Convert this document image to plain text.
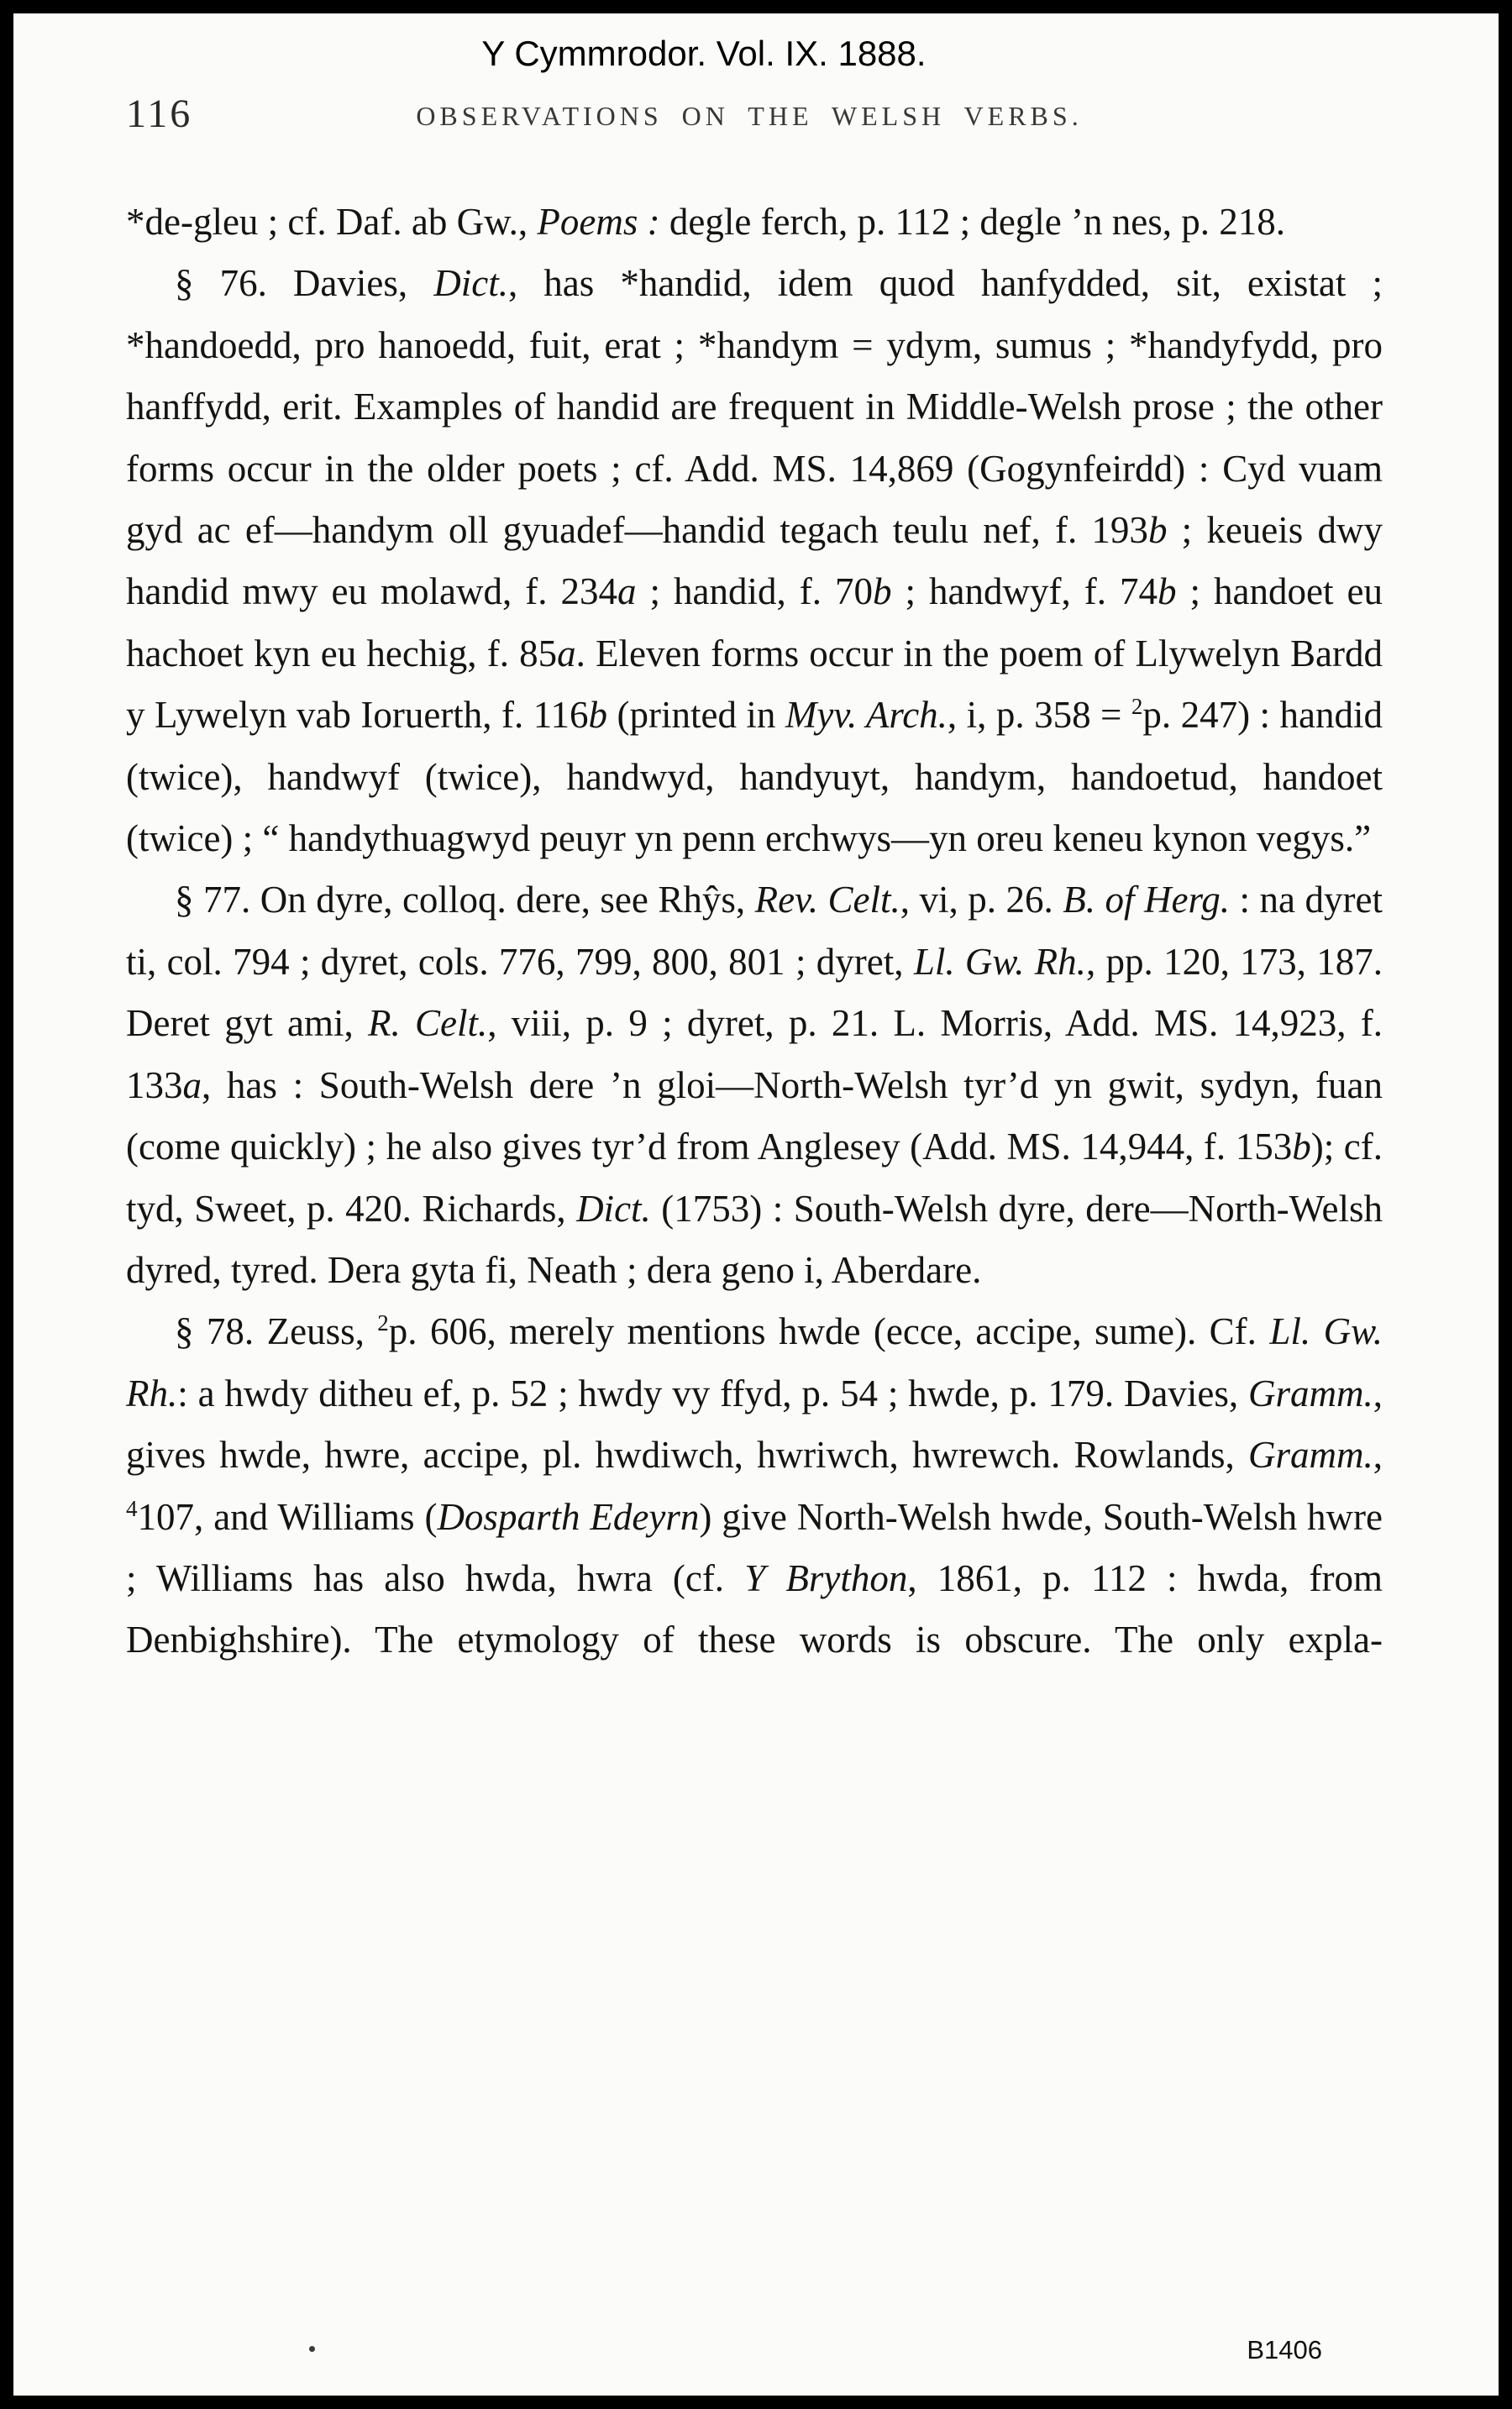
Y Cymmrodor. Vol. IX. 1888.
116	OBSERVATIONS ON THE WELSH VERBS.

*de-gleu ; cf. Daf. ab Gw., Poems : degle ferch, p. 112 ; degle ’n nes, p. 218.

§ 76. Davies, Dict., has *handid, idem quod hanfydded, sit, existat ; *handoedd, pro hanoedd, fuit, erat ; *handym = ydym, sumus ; *handyfydd, pro hanffydd, erit. Examples of handid are frequent in Middle-Welsh prose ; the other forms occur in the older poets ; cf. Add. MS. 14,869 (Gogynfeirdd) : Cyd vuam gyd ac ef—handym oll gyuadef—handid tegach teulu nef, f. 193b ; keueis dwy handid mwy eu molawd, f. 234a ; handid, f. 70b ; handwyf, f. 74b ; handoet eu hachoet kyn eu hechig, f. 85a. Eleven forms occur in the poem of Llywelyn Bardd y Lywelyn vab Ioruerth, f. 116b (printed in Myv. Arch., i, p. 358 = $^2$p. 247) : handid (twice), handwyf (twice), handwyd, handyuyt, handym, handoetud, handoet (twice) ; “ handythuagwyd peuyr yn penn erchwys—yn oreu keneu kynon vegys.”

§ 77. On dyre, colloq. dere, see Rhŷs, Rev. Celt., vi, p. 26. B. of Herg. : na dyret ti, col. 794 ; dyret, cols. 776, 799, 800, 801 ; dyret, Ll. Gw. Rh., pp. 120, 173, 187. Deret gyt ami, R. Celt., viii, p. 9 ; dyret, p. 21. L. Morris, Add. MS. 14,923, f. 133a, has : South-Welsh dere ’n gloi—North-Welsh tyr’d yn gwit, sydyn, fuan (come quickly) ; he also gives tyr’d from Anglesey (Add. MS. 14,944, f. 153b); cf. tyd, Sweet, p. 420. Richards, Dict. (1753) : South-Welsh dyre, dere—North-Welsh dyred, tyred. Dera gyta fi, Neath ; dera geno i, Aberdare.

§ 78. Zeuss, $^2$p. 606, merely mentions hwde (ecce, accipe, sume). Cf. Ll. Gw. Rh.: a hwdy ditheu ef, p. 52 ; hwdy vy ffyd, p. 54 ; hwde, p. 179. Davies, Gramm., gives hwde, hwre, accipe, pl. hwdiwch, hwriwch, hwrewch. Rowlands, Gramm., $^4$107, and Williams (Dosparth Edeyrn) give North-Welsh hwde, South-Welsh hwre ; Williams has also hwda, hwra (cf. Y Brython, 1861, p. 112 : hwda, from Denbighshire). The etymology of these words is obscure. The only expla-

B1406
